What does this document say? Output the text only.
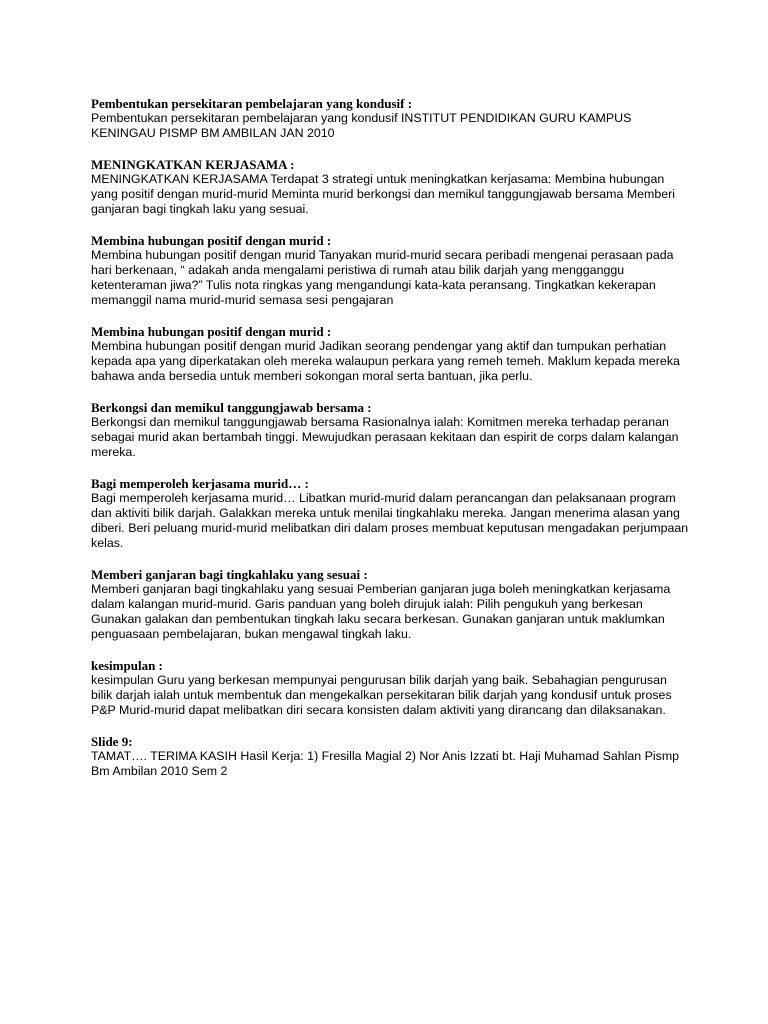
Pembentukan persekitaran pembelajaran yang kondusif :

Pembentukan persekitaran pembelajaran yang kondusif INSTITUT PENDIDIKAN GURU KAMPUS KENINGAU PISMP BM AMBILAN JAN 2010

MENINGKATKAN KERJASAMA :

MENINGKATKAN KERJASAMA Terdapat 3 strategi untuk meningkatkan kerjasama: Membina hubungan yang positif dengan murid-murid Meminta murid berkongsi dan memikul tanggungjawab bersama Memberi ganjaran bagi tingkah laku yang sesuai.

Membina hubungan positif dengan murid :

Membina hubungan positif dengan murid Tanyakan murid-murid secara peribadi mengenai perasaan pada hari berkenaan, “ adakah anda mengalami peristiwa di rumah atau bilik darjah yang mengganggu ketenteraman jiwa?” Tulis nota ringkas yang mengandungi kata-kata peransang. Tingkatkan kekerapan memanggil nama murid-murid semasa sesi pengajaran

Membina hubungan positif dengan murid :

Membina hubungan positif dengan murid Jadikan seorang pendengar yang aktif dan tumpukan perhatian kepada apa yang diperkatakan oleh mereka walaupun perkara yang remeh temeh. Maklum kepada mereka bahawa anda bersedia untuk memberi sokongan moral serta bantuan, jika perlu.

Berkongsi dan memikul tanggungjawab bersama :

Berkongsi dan memikul tanggungjawab bersama Rasionalnya ialah: Komitmen mereka terhadap peranan sebagai murid akan bertambah tinggi. Mewujudkan perasaan kekitaan dan espirit de corps dalam kalangan mereka.

Bagi memperoleh kerjasama murid… :

Bagi memperoleh kerjasama murid… Libatkan murid-murid dalam perancangan dan pelaksanaan program dan aktiviti bilik darjah. Galakkan mereka untuk menilai tingkahlaku mereka. Jangan menerima alasan yang diberi. Beri peluang murid-murid melibatkan diri dalam proses membuat keputusan mengadakan perjumpaan kelas.

Memberi ganjaran bagi tingkahlaku yang sesuai :

Memberi ganjaran bagi tingkahlaku yang sesuai Pemberian ganjaran juga boleh meningkatkan kerjasama dalam kalangan murid-murid. Garis panduan yang boleh dirujuk ialah: Pilih pengukuh yang berkesan Gunakan galakan dan pembentukan tingkah laku secara berkesan. Gunakan ganjaran untuk maklumkan penguasaan pembelajaran, bukan mengawal tingkah laku.

kesimpulan :

kesimpulan Guru yang berkesan mempunyai pengurusan bilik darjah yang baik. Sebahagian pengurusan bilik darjah ialah untuk membentuk dan mengekalkan persekitaran bilik darjah yang kondusif untuk proses P&P Murid-murid dapat melibatkan diri secara konsisten dalam aktiviti yang dirancang dan dilaksanakan.

Slide 9:

TAMAT…. TERIMA KASIH Hasil Kerja: 1) Fresilla Magial 2) Nor Anis Izzati bt. Haji Muhamad Sahlan Pismp Bm Ambilan 2010 Sem 2
